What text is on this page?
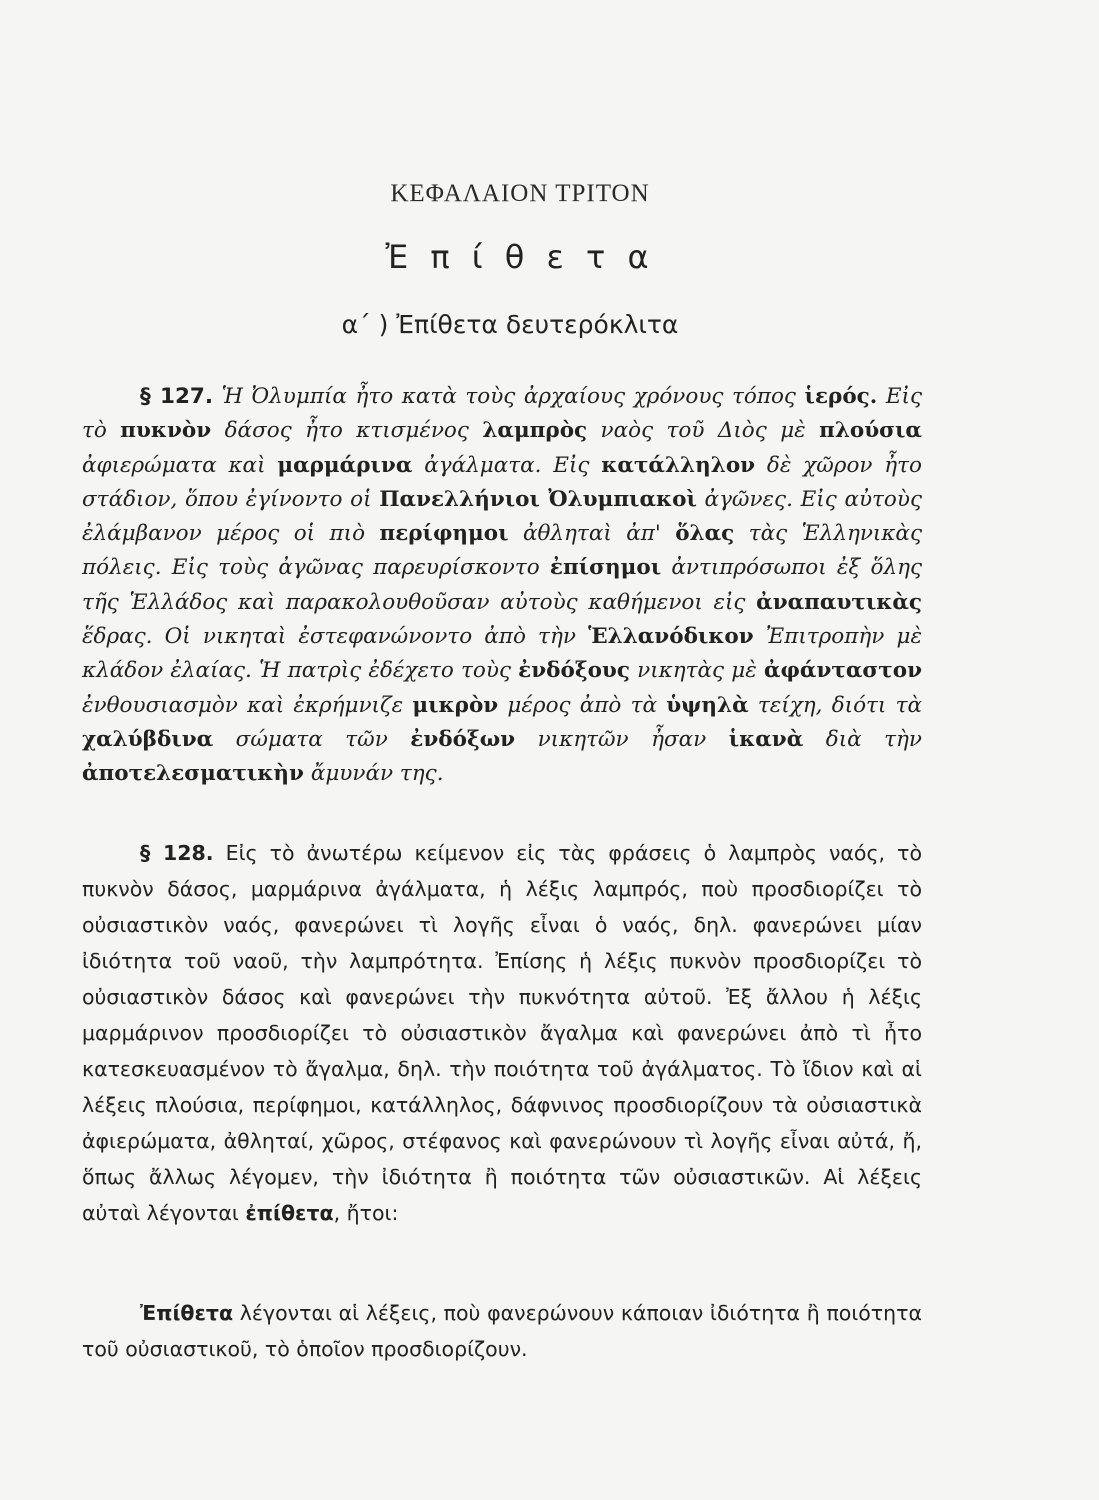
ΚΕΦΑΛΑΙΟΝ ΤΡΙΤΟΝ
Ἐ π ί θ ε τ α
α΄ ) Ἐπίθετα δευτερόκλιτα
§ 127. Ἡ Ὀλυμπία ἦτο κατὰ τοὺς ἀρχαίους χρόνους τόπος ἱερός. Εἰς τὸ πυκνὸν δάσος ἦτο κτισμένος λαμπρὸς ναὸς τοῦ Διὸς μὲ πλούσια ἀφιερώματα καὶ μαρμάρινα ἀγάλματα. Εἰς κατάλληλον δὲ χῶρον ἦτο στάδιον, ὅπου ἐγίνοντο οἱ Πανελλήνιοι Ὀλυμπιακοὶ ἀγῶνες. Εἰς αὐτοὺς ἐλάμβανον μέρος οἱ πιὸ περίφημοι ἀθληταὶ ἀπ' ὅλας τὰς Ἑλληνικὰς πόλεις. Εἰς τοὺς ἀγῶνας παρευρίσκοντο ἐπίσημοι ἀντιπρόσωποι ἐξ ὅλης τῆς Ἑλλάδος καὶ παρακολουθοῦσαν αὐτοὺς καθήμενοι εἰς ἀναπαυτικὰς ἕδρας. Οἱ νικηταὶ ἐστεφανώνοντο ἀπὸ τὴν Ἑλλανόδικον Ἐπιτροπὴν μὲ κλάδον ἐλαίας. Ἡ πατρὶς ἐδέχετο τοὺς ἐνδόξους νικητὰς μὲ ἀφάνταστον ἐνθουσιασμὸν καὶ ἐκρήμνιζε μικρὸν μέρος ἀπὸ τὰ ὑψηλὰ τείχη, διότι τὰ χαλύβδινα σώματα τῶν ἐνδόξων νικητῶν ἦσαν ἱκανὰ διὰ τὴν ἀποτελεσματικὴν ἄμυνάν της.
§ 128. Εἰς τὸ ἀνωτέρω κείμενον εἰς τὰς φράσεις ὁ λαμπρὸς ναός, τὸ πυκνὸν δάσος, μαρμάρινα ἀγάλματα, ἡ λέξις λαμπρός, ποὺ προσδιορίζει τὸ οὐσιαστικὸν ναός, φανερώνει τὶ λογῆς εἶναι ὁ ναός, δηλ. φανερώνει μίαν ἰδιότητα τοῦ ναοῦ, τὴν λαμπρότητα. Ἐπίσης ἡ λέξις πυκνὸν προσδιορίζει τὸ οὐσιαστικὸν δάσος καὶ φανερώνει τὴν πυκνότητα αὐτοῦ. Ἐξ ἄλλου ἡ λέξις μαρμάρινον προσδιορίζει τὸ οὐσιαστικὸν ἄγαλμα καὶ φανερώνει ἀπὸ τὶ ἦτο κατεσκευασμένον τὸ ἄγαλμα, δηλ. τὴν ποιότητα τοῦ ἀγάλματος. Τὸ ἴδιον καὶ αἱ λέξεις πλούσια, περίφημοι, κατάλληλος, δάφνινος προσδιορίζουν τὰ οὐσιαστικὰ ἀφιερώματα, ἀθληταί, χῶρος, στέφανος καὶ φανερώνουν τὶ λογῆς εἶναι αὐτά, ἤ, ὅπως ἄλλως λέγομεν, τὴν ἰδιότητα ἢ ποιότητα τῶν οὐσιαστικῶν. Αἱ λέξεις αὐταὶ λέγονται ἐπίθετα, ἤτοι:
Ἐπίθετα λέγονται αἱ λέξεις, ποὺ φανερώνουν κάποιαν ἰδιότητα ἢ ποιότητα τοῦ οὐσιαστικοῦ, τὸ ὁποῖον προσδιορίζουν.
